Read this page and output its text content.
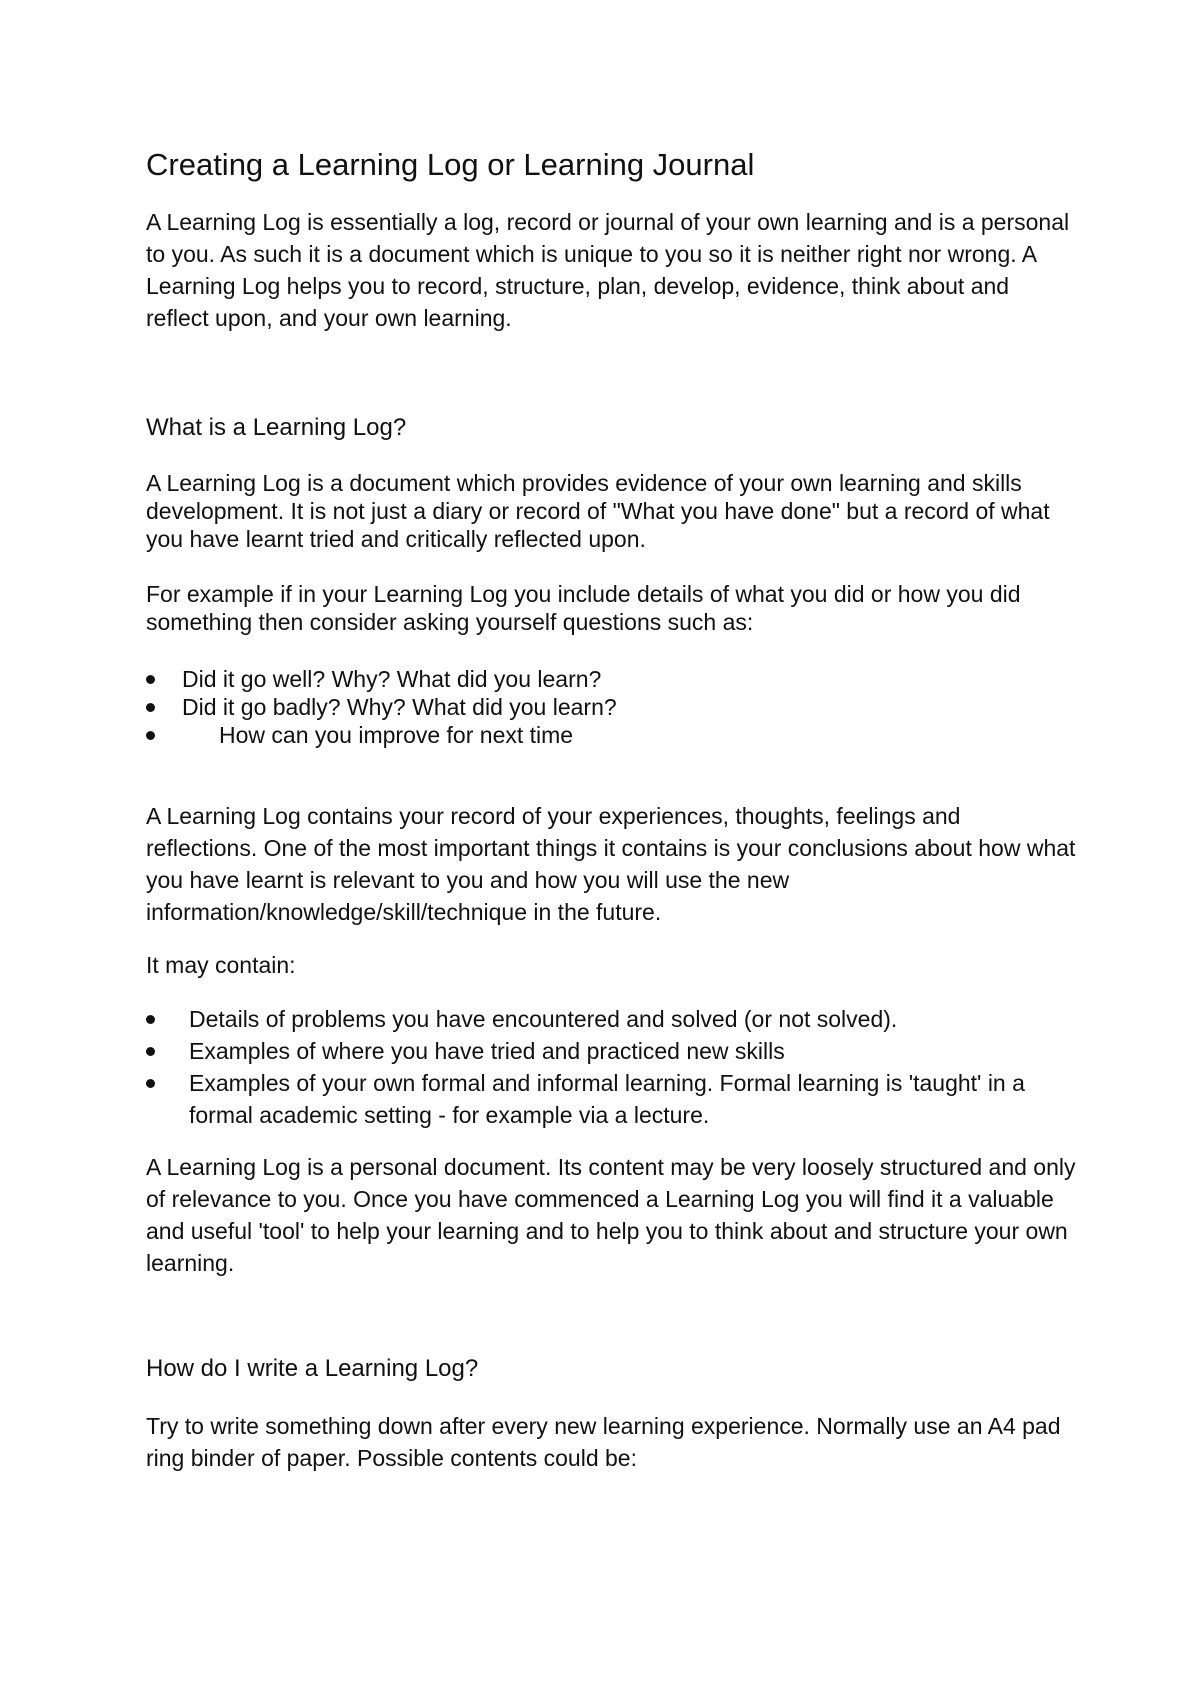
Creating a Learning Log or Learning Journal

A Learning Log is essentially a log, record or journal of your own learning and is a personal to you. As such it is a document which is unique to you so it is neither right nor wrong. A Learning Log helps you to record, structure, plan, develop, evidence, think about and reflect upon, and your own learning.

What is a Learning Log?

A Learning Log is a document which provides evidence of your own learning and skills development. It is not just a diary or record of "What you have done" but a record of what you have learnt tried and critically reflected upon.

For example if in your Learning Log you include details of what you did or how you did something then consider asking yourself questions such as:

Did it go well? Why? What did you learn?
Did it go badly? Why? What did you learn?
How can you improve for next time

A Learning Log contains your record of your experiences, thoughts, feelings and reflections. One of the most important things it contains is your conclusions about how what you have learnt is relevant to you and how you will use the new information/knowledge/skill/technique in the future.

It may contain:

Details of problems you have encountered and solved (or not solved).
Examples of where you have tried and practiced new skills
Examples of your own formal and informal learning. Formal learning is 'taught' in a formal academic setting - for example via a lecture.

A Learning Log is a personal document. Its content may be very loosely structured and only of relevance to you. Once you have commenced a Learning Log you will find it a valuable and useful 'tool' to help your learning and to help you to think about and structure your own learning.

How do I write a Learning Log?

Try to write something down after every new learning experience. Normally use an A4 pad ring binder of paper. Possible contents could be:
